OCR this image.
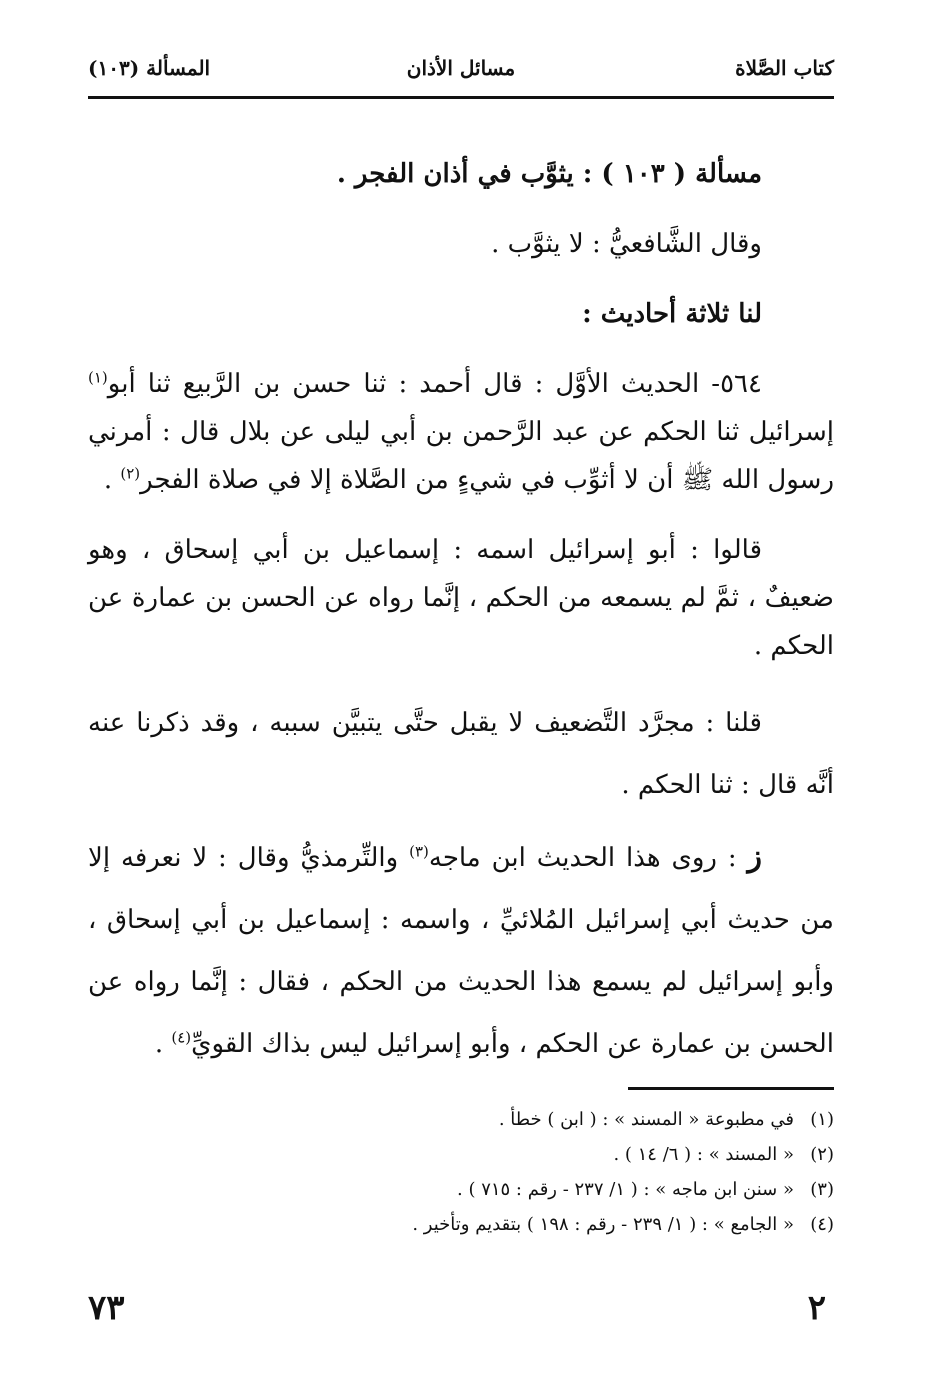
كتاب الصَّلاة
مسائل الأذان
المسألة (١٠٣)

مسألة ( ١٠٣ ) : يثوَّب في أذان الفجر .

وقال الشَّافعيُّ : لا يثوَّب .

لنا ثلاثة أحاديث :

٥٦٤- الحديث الأوَّل : قال أحمد : ثنا حسن بن الرَّبيع ثنا أبو$^{(١)}$ إسرائيل ثنا الحكم عن عبد الرَّحمن بن أبي ليلى عن بلال قال : أمرني رسول الله ﷺ أن لا أثوِّب في شيءٍ من الصَّلاة إلا في صلاة الفجر$^{(٢)}$ .

قالوا : أبو إسرائيل اسمه : إسماعيل بن أبي إسحاق ، وهو ضعيفٌ ، ثمَّ لم يسمعه من الحكم ، إنَّما رواه عن الحسن بن عمارة عن الحكم .

قلنا : مجرَّد التَّضعيف لا يقبل حتَّى يتبيَّن سببه ، وقد ذكرنا عنه أنَّه قال : ثنا الحكم .

ز : روى هذا الحديث ابن ماجه$^{(٣)}$ والتِّرمذيُّ وقال : لا نعرفه إلا من حديث أبي إسرائيل المُلائيِّ ، واسمه : إسماعيل بن أبي إسحاق ، وأبو إسرائيل لم يسمع هذا الحديث من الحكم ، فقال : إنَّما رواه عن الحسن بن عمارة عن الحكم ، وأبو إسرائيل ليس بذاك القويِّ$^{(٤)}$ .

(١)في مطبوعة « المسند » : ( ابن ) خطأ .

(٢)« المسند » : ( ٦/ ١٤ ) .

(٣)« سنن ابن ماجه » : ( ١/ ٢٣٧ - رقم : ٧١٥ ) .

(٤)« الجامع » : ( ١/ ٢٣٩ - رقم : ١٩٨ ) بتقديم وتأخير .

٢
٧٣
